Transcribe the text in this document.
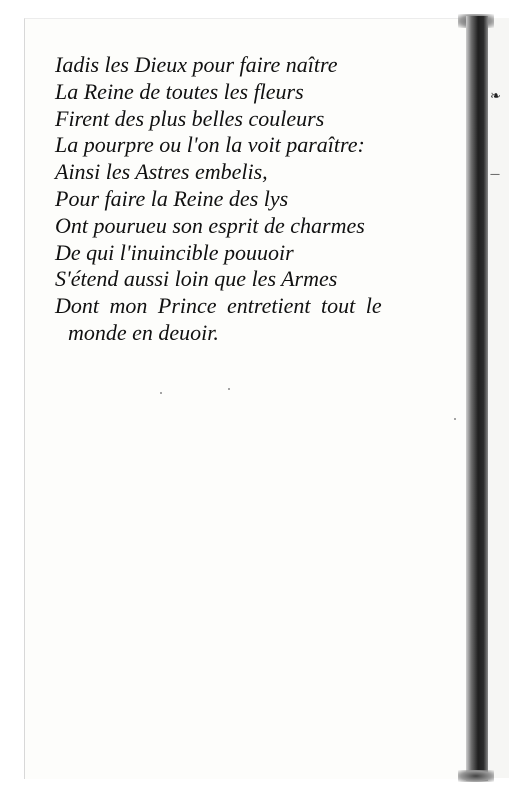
❧
—
Iadis les Dieux pour faire naître
La Reine de toutes les fleurs
Firent des plus belles couleurs
La pourpre ou l'on la voit paraître:
Ainsi les Astres embelis,
Pour faire la Reine des lys
Ont pourueu son esprit de charmes
De qui l'inuincible pouuoir
S'étend aussi loin que les Armes
Dont mon Prince entretient tout le
monde en deuoir.
